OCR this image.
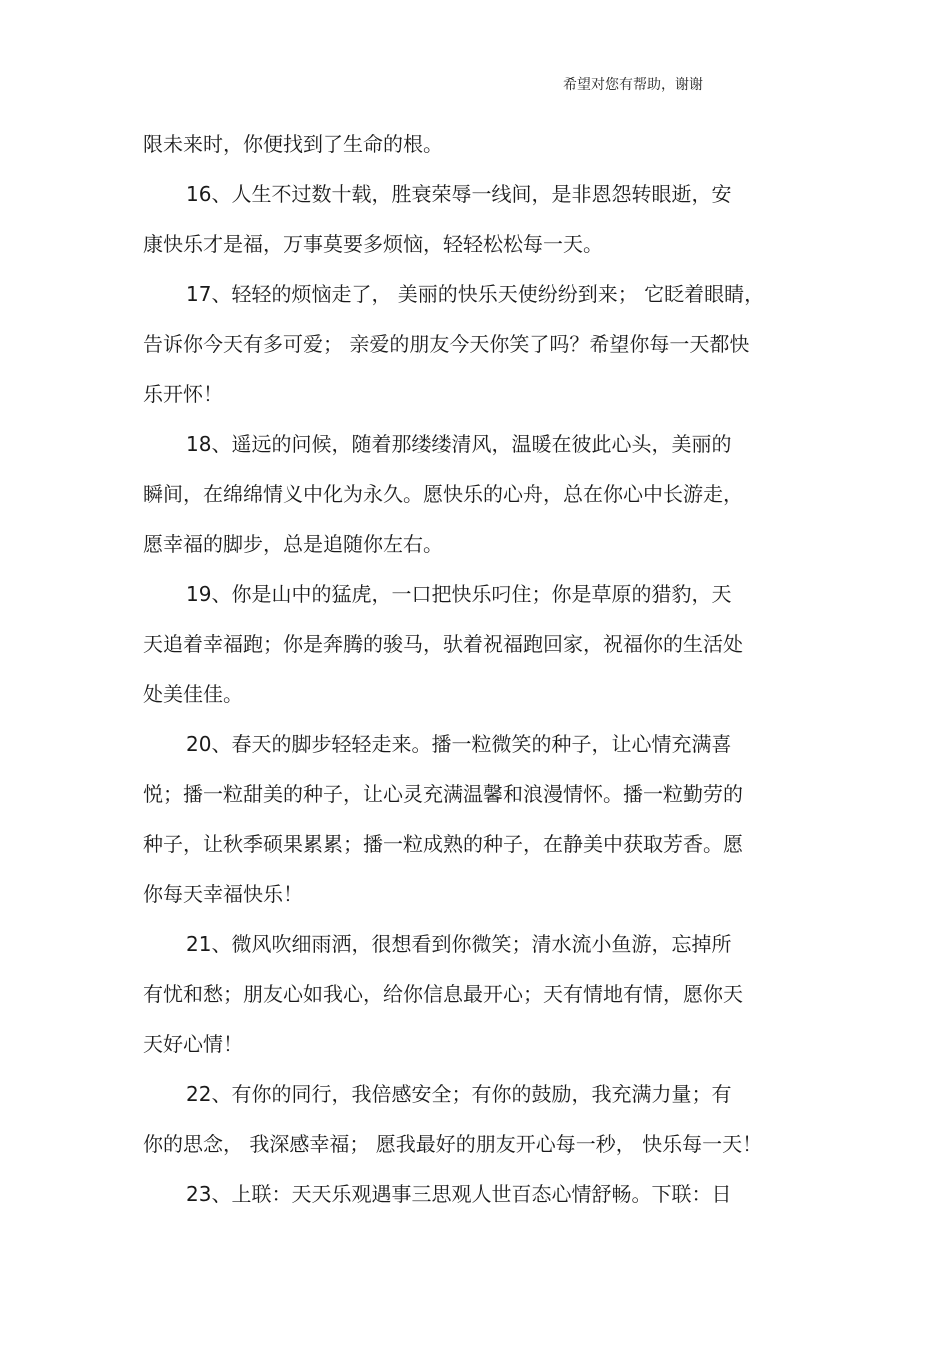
希望对您有帮助，谢谢
限未来时，你便找到了生命的根。
16、人生不过数十载，胜衰荣辱一线间，是非恩怨转眼逝，安
康快乐才是福，万事莫要多烦恼，轻轻松松每一天。
17、轻轻的烦恼走了， 美丽的快乐天使纷纷到来； 它眨着眼睛，
告诉你今天有多可爱； 亲爱的朋友今天你笑了吗？希望你每一天都快
乐开怀！
18、遥远的问候，随着那缕缕清风，温暖在彼此心头，美丽的
瞬间，在绵绵情义中化为永久。愿快乐的心舟，总在你心中长游走，
愿幸福的脚步，总是追随你左右。
19、你是山中的猛虎，一口把快乐叼住；你是草原的猎豹，天
天追着幸福跑；你是奔腾的骏马，驮着祝福跑回家，祝福你的生活处
处美佳佳。
20、春天的脚步轻轻走来。播一粒微笑的种子，让心情充满喜
悦；播一粒甜美的种子，让心灵充满温馨和浪漫情怀。播一粒勤劳的
种子，让秋季硕果累累；播一粒成熟的种子，在静美中获取芳香。愿
你每天幸福快乐！
21、微风吹细雨洒，很想看到你微笑；清水流小鱼游，忘掉所
有忧和愁；朋友心如我心，给你信息最开心；天有情地有情，愿你天
天好心情！
22、有你的同行，我倍感安全；有你的鼓励，我充满力量；有
你的思念， 我深感幸福； 愿我最好的朋友开心每一秒， 快乐每一天！
23、上联：天天乐观遇事三思观人世百态心情舒畅。下联：日
